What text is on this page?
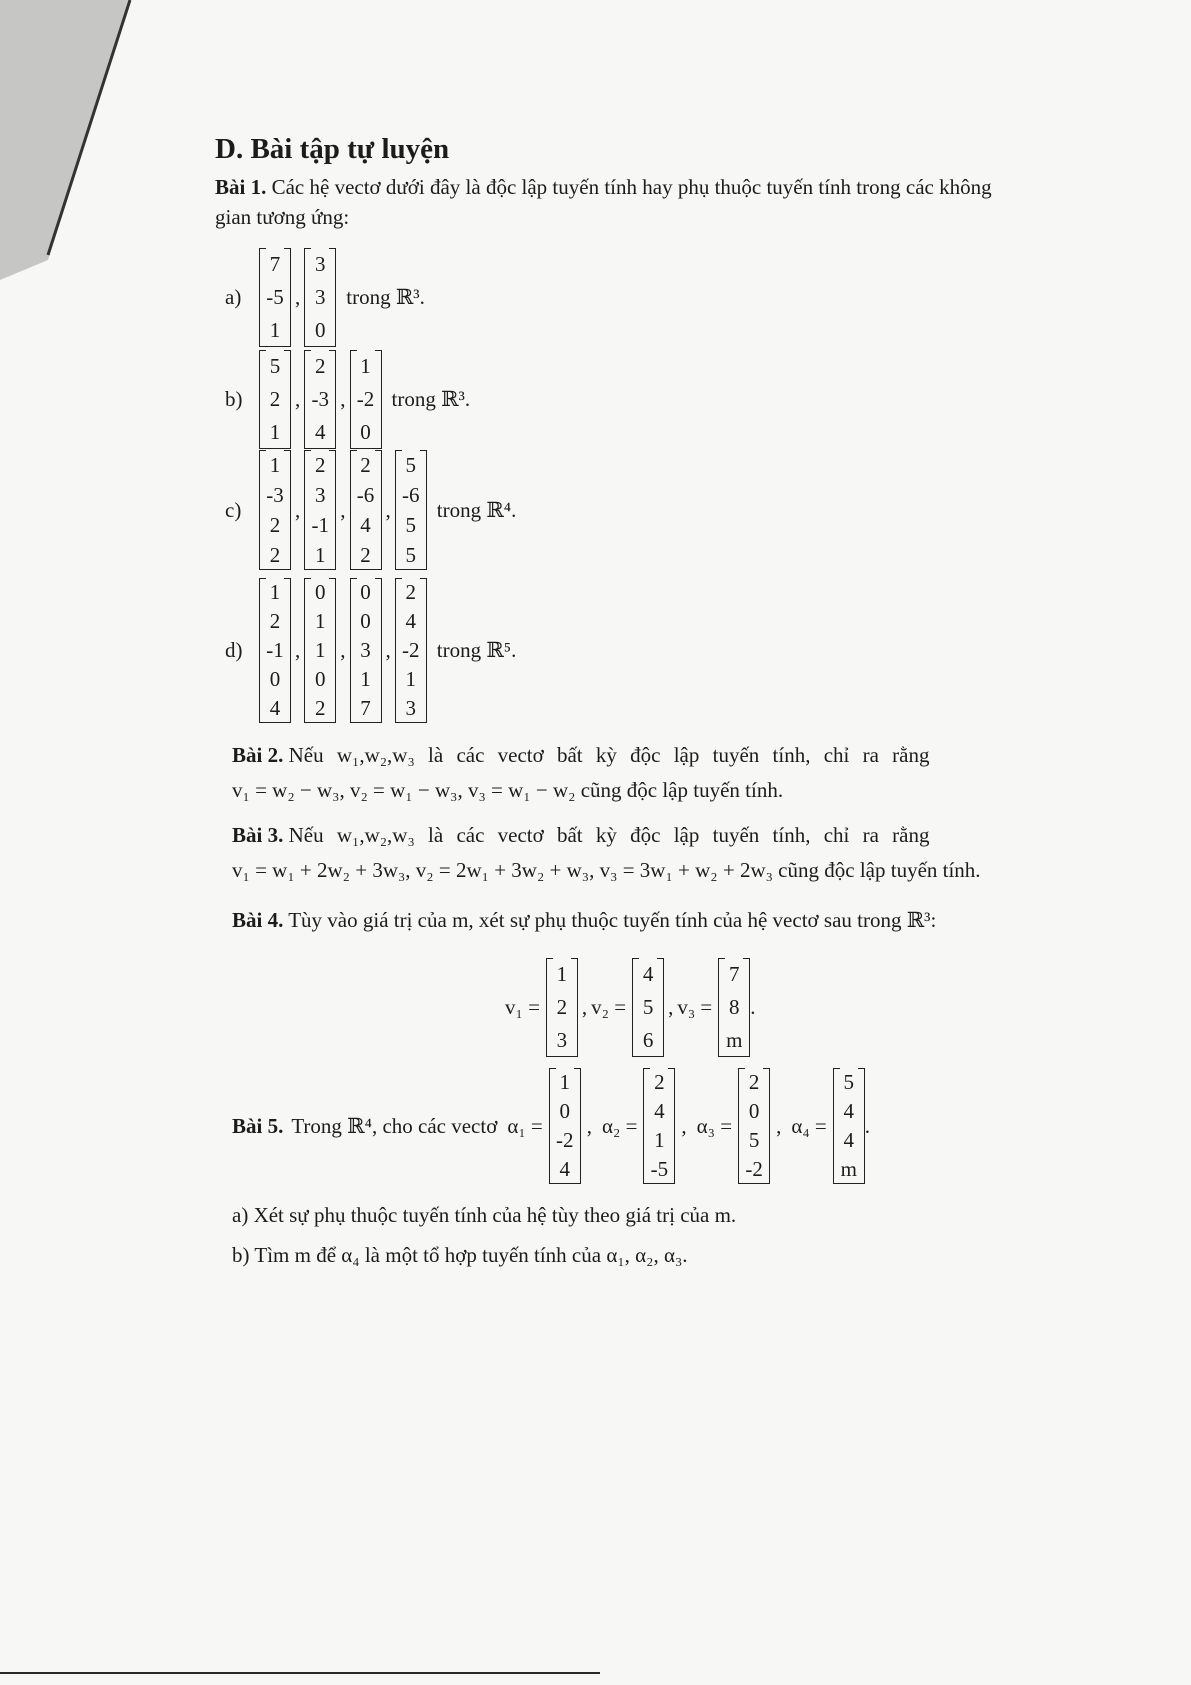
D. Bài tập tự luyện
Bài 1. Các hệ vectơ dưới đây là độc lập tuyến tính hay phụ thuộc tuyến tính trong các không
gian tương ứng:
a)
7
-5
1
,
3
3
0
trong ℝ³.
b)
5
2
1
,
2
-3
4
,
1
-2
0
trong ℝ³.
c)
1
-3
2
2
,
2
3
-1
1
,
2
-6
4
2
,
5
-6
5
5
trong ℝ⁴.
d)
1
2
-1
0
4
,
0
1
1
0
2
,
0
0
3
1
7
,
2
4
-2
1
3
trong ℝ⁵.
Bài 2. Nếu w₁,w₂,w₃ là các vectơ bất kỳ độc lập tuyến tính, chỉ ra rằng
v₁ = w₂ − w₃, v₂ = w₁ − w₃, v₃ = w₁ − w₂ cũng độc lập tuyến tính.
Bài 3. Nếu w₁,w₂,w₃ là các vectơ bất kỳ độc lập tuyến tính, chỉ ra rằng
v₁ = w₁ + 2w₂ + 3w₃, v₂ = 2w₁ + 3w₂ + w₃, v₃ = 3w₁ + w₂ + 2w₃ cũng độc lập tuyến tính.
Bài 4. Tùy vào giá trị của m, xét sự phụ thuộc tuyến tính của hệ vectơ sau trong ℝ³:
v₁ =
1
2
3
, v₂ =
4
5
6
, v₃ =
7
8
m
.
Bài 5. Trong ℝ⁴, cho các vectơ α₁ =
1
0
-2
4
, α₂ =
2
4
1
-5
, α₃ =
2
0
5
-2
, α₄ =
5
4
4
m
.
a) Xét sự phụ thuộc tuyến tính của hệ tùy theo giá trị của m.
b) Tìm m để α₄ là một tổ hợp tuyến tính của α₁, α₂, α₃.
